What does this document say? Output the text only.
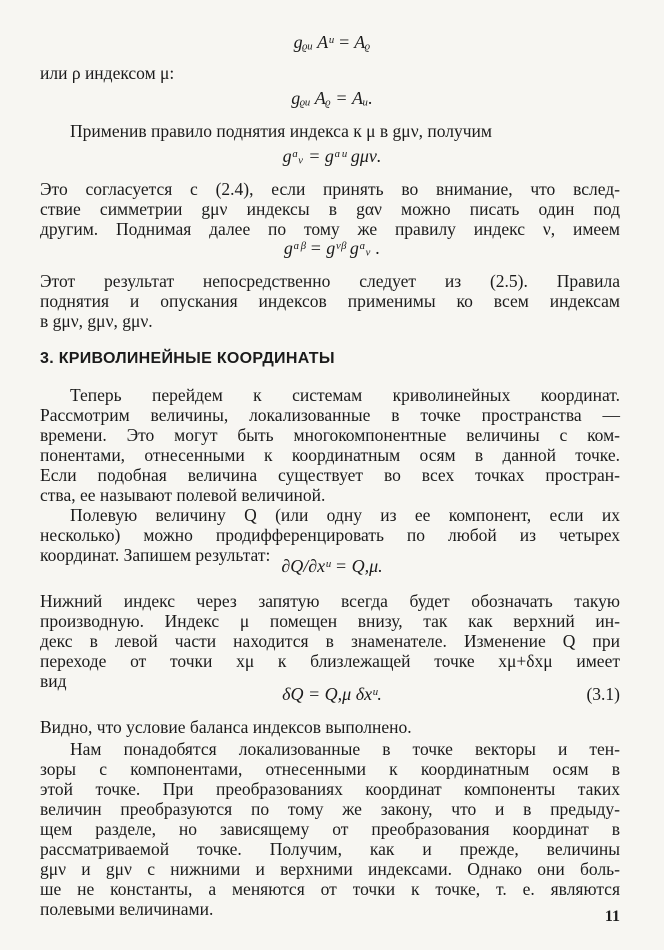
gᵨᵤ Aᵘ = Aᵨ
или ρ индексом μ:
gᵨᵤ Aᵨ = Aᵤ.
Применив правило поднятия индекса к μ в gμν, получим
gᵅᵥ = gᵅᵘ gμν.
Это согласуется с (2.4), если принять во внимание, что вслед-
ствие симметрии gμν индексы в gαν можно писать один под
другим. Поднимая далее по тому же правилу индекс ν, имеем
gᵅᵝ = gᵛᵝ gᵅᵥ .
Этот результат непосредственно следует из (2.5). Правила
поднятия и опускания индексов применимы ко всем индексам
в gμν, gμν, gμν.
3. КРИВОЛИНЕЙНЫЕ КООРДИНАТЫ
Теперь перейдем к системам криволинейных координат.
Рассмотрим величины, локализованные в точке пространства —
времени. Это могут быть многокомпонентные величины с ком-
понентами, отнесенными к координатным осям в данной точке.
Если подобная величина существует во всех точках простран-
ства, ее называют полевой величиной.
Полевую величину Q (или одну из ее компонент, если их
несколько) можно продифференцировать по любой из четырех
координат. Запишем результат:
∂Q/∂xᵘ = Q,μ.
Нижний индекс через запятую всегда будет обозначать такую
производную. Индекс μ помещен внизу, так как верхний ин-
декс в левой части находится в знаменателе. Изменение Q при
переходе от точки xμ к близлежащей точке xμ+δxμ имеет
вид
δQ = Q,μ δxᵘ.	(3.1)
Видно, что условие баланса индексов выполнено.
Нам понадобятся локализованные в точке векторы и тен-
зоры с компонентами, отнесенными к координатным осям в
этой точке. При преобразованиях координат компоненты таких
величин преобразуются по тому же закону, что и в предыду-
щем разделе, но зависящему от преобразования координат в
рассматриваемой точке. Получим, как и прежде, величины
gμν и gμν с нижними и верхними индексами. Однако они боль-
ше не константы, а меняются от точки к точке, т. е. являются
полевыми величинами.	11
